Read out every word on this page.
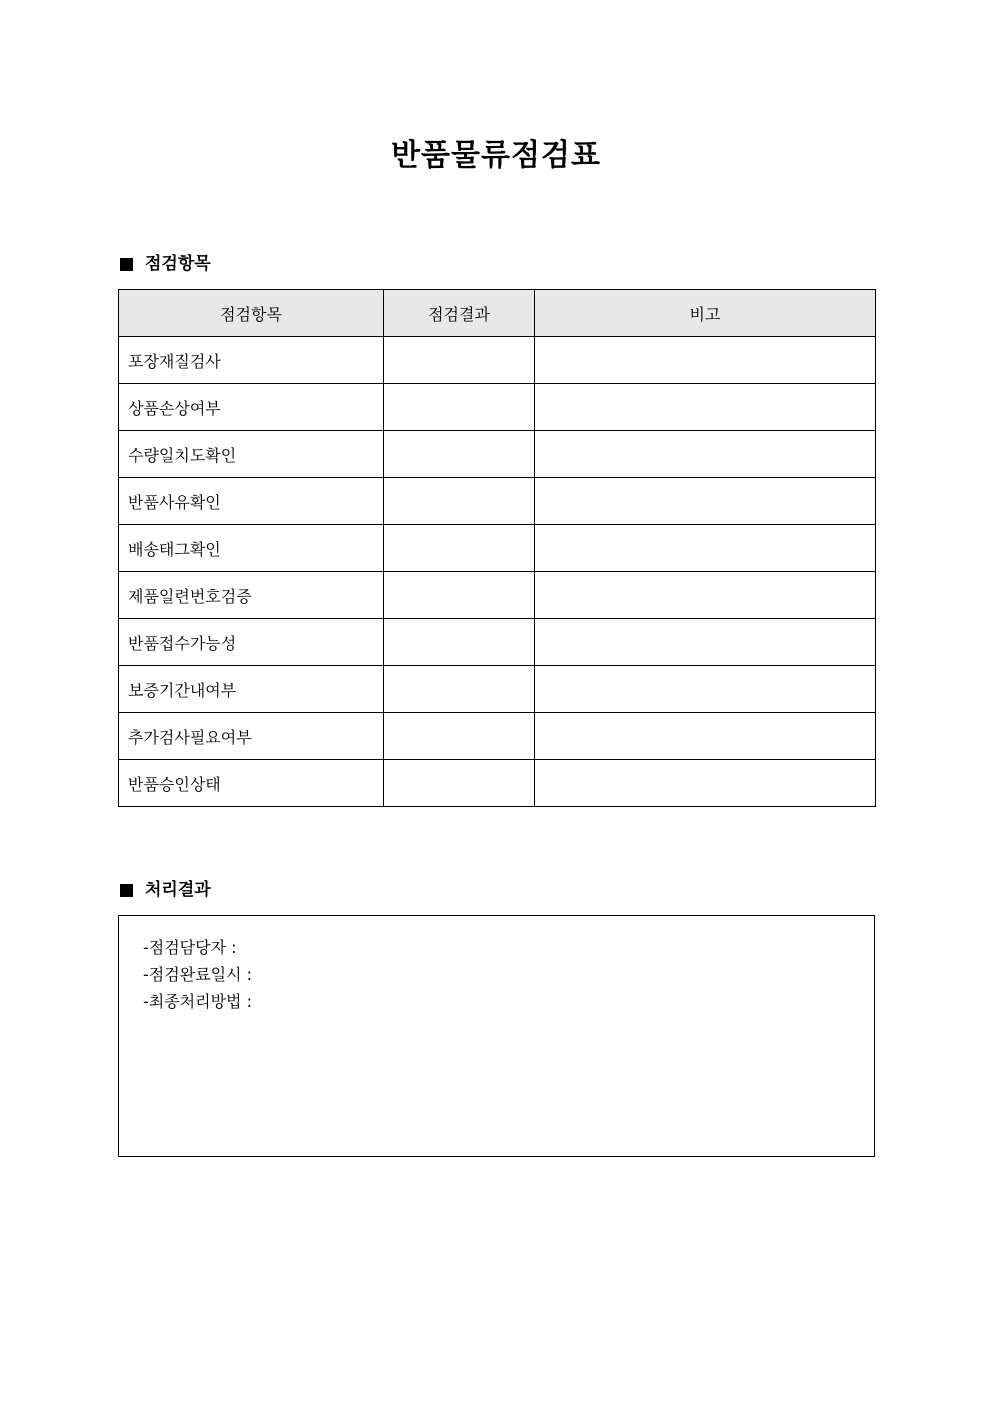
반품물류점검표
점검항목
점검항목	점검결과	비고
포장재질검사		
상품손상여부		
수량일치도확인		
반품사유확인		
배송태그확인		
제품일련번호검증		
반품접수가능성		
보증기간내여부		
추가검사필요여부		
반품승인상태		
처리결과
-점검담당자 :
-점검완료일시 :
-최종처리방법 :
